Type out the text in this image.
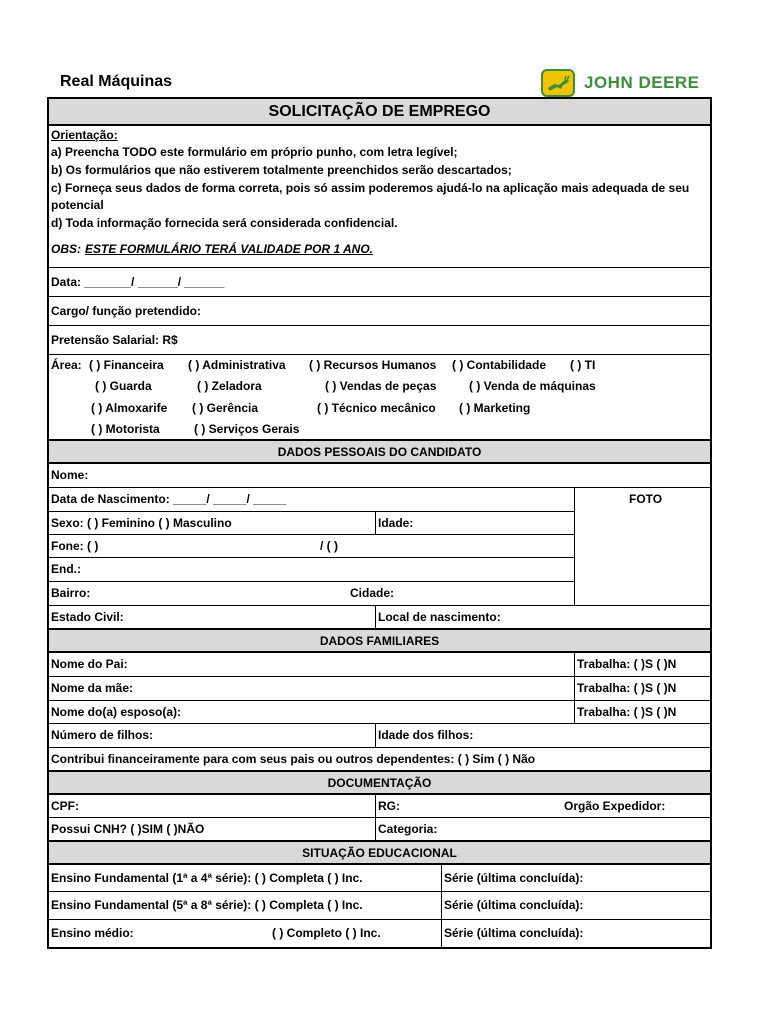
Real Máquinas	JOHN DEERE
SOLICITAÇÃO DE EMPREGO
Orientação:
a) Preencha TODO este formulário em próprio punho, com letra legível;
b) Os formulários que não estiverem totalmente preenchidos serão descartados;
c) Forneça seus dados de forma correta, pois só assim poderemos ajudá-lo na aplicação mais adequada de seu
potencial
d) Toda informação fornecida será considerada confidencial.
OBS: ESTE FORMULÁRIO TERÁ VALIDADE POR 1 ANO.
Data: _______/ ______/ ______
Cargo/ função pretendido:
Pretensão Salarial: R$
Área: ( ) Financeira ( ) Administrativa ( ) Recursos Humanos ( ) Contabilidade ( ) TI
( ) Guarda	( ) Zeladora	( ) Vendas de peças	( ) Venda de máquinas
( ) Almoxarife ( ) Gerência	( ) Técnico mecânico ( ) Marketing
( ) Motorista	( ) Serviços Gerais
DADOS PESSOAIS DO CANDIDATO
Nome:
FOTO
Data de Nascimento: _____/ _____/ _____
Sexo: ( ) Feminino ( ) Masculino	Idade:
Fone: ( )	/ ( )
End.:
Bairro:	Cidade:
Estado Civil:	Local de nascimento:
DADOS FAMILIARES
Nome do Pai:	Trabalha: ( )S ( )N
Nome da mãe:	Trabalha: ( )S ( )N
Nome do(a) esposo(a):	Trabalha: ( )S ( )N
Número de filhos:	Idade dos filhos:
Contribui financeiramente para com seus pais ou outros dependentes: ( ) Sim ( ) Não
DOCUMENTAÇÃO
CPF:	RG:	Orgão Expedidor:
Possui CNH? ( )SIM ( )NÃO	Categoria:
SITUAÇÃO EDUCACIONAL
Ensino Fundamental (1ª a 4ª série): ( ) Completa ( ) Inc.	Série (última concluída):
Ensino Fundamental (5ª a 8ª série): ( ) Completa ( ) Inc.	Série (última concluída):
Ensino médio:	( ) Completo ( ) Inc.	Série (última concluída):
